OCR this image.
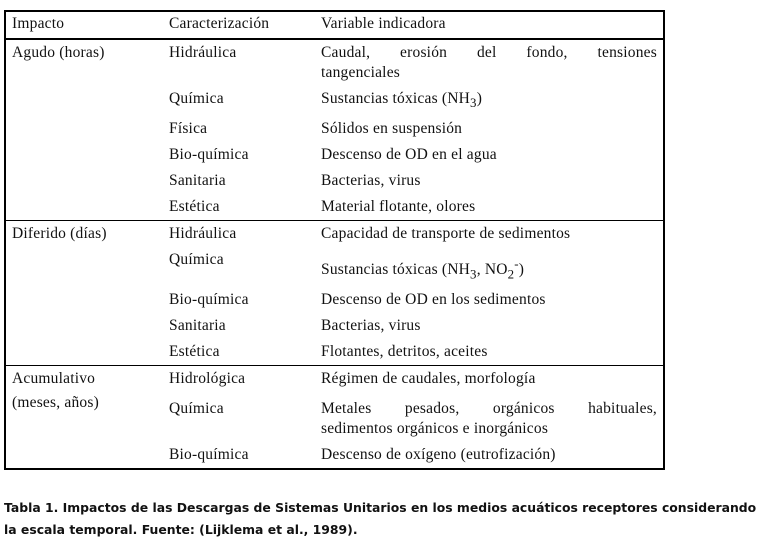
Impacto	Caracterización	Variable indicadora
Agudo (horas)	Hidráulica	Caudal, erosión del fondo, tensiones
tangenciales

	Química	Sustancias tóxicas $(NH_3)$
	Física	Sólidos en suspensión
	Bio-química	Descenso de OD en el agua
	Sanitaria	Bacterias, virus
	Estética	Material flotante, olores
Diferido (días)	Hidráulica	Capacidad de transporte de sedimentos
	Química	Sustancias tóxicas ($NH_3$, $NO_2^-$)
	Bio-química	Descenso de OD en los sedimentos
	Sanitaria	Bacterias, virus
	Estética	Flotantes, detritos, aceites

Acumulativo
(meses, años)	Hidrológica	Régimen de caudales, morfología
	Química	Metales pesados, orgánicos habituales,
sedimentos orgánicos e inorgánicos

	Bio-química	Descenso de oxígeno (eutrofización)
Tabla 1. Impactos de las Descargas de Sistemas Unitarios en los medios acuáticos receptores considerando
la escala temporal. Fuente: (Lijklema et al., 1989).
